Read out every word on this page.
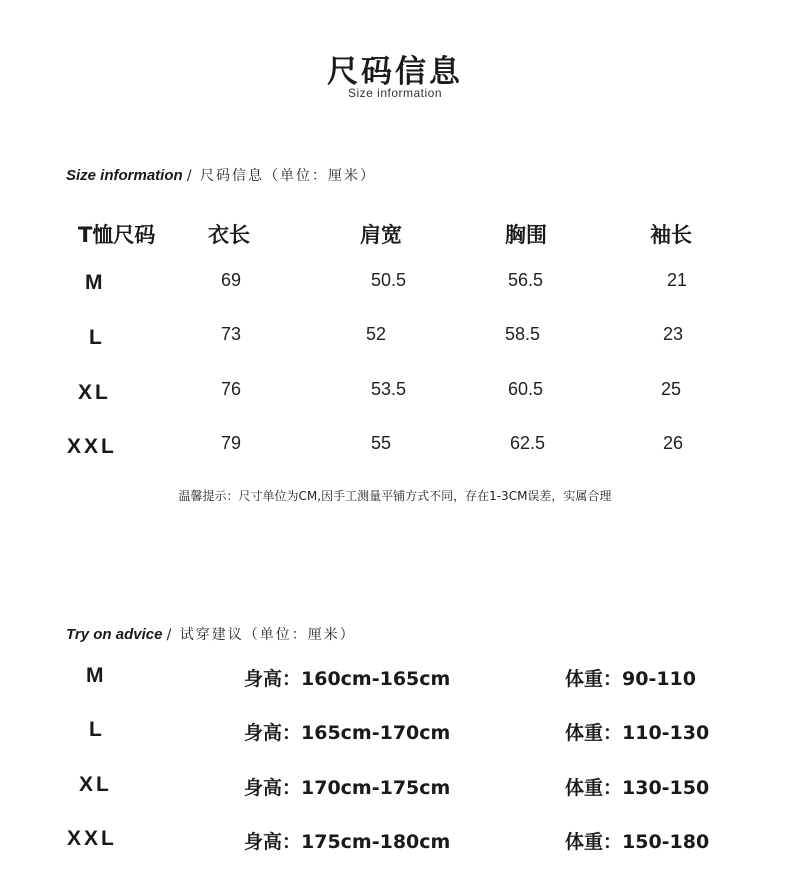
尺码信息
Size information
Size information / 尺码信息（单位：厘米）
T恤尺码	衣长	肩宽	胸围	袖长
M	69	50.5	56.5	21
L	73	52	58.5	23
XL	76	53.5	60.5	25
XXL	79	55	62.5	26
温馨提示：尺寸单位为CM,因手工测量平铺方式不同，存在1-3CM误差，实属合理
Try on advice / 试穿建议（单位：厘米）
M	身高：160cm-165cm	体重：90-110
L	身高：165cm-170cm	体重：110-130
XL	身高：170cm-175cm	体重：130-150
XXL	身高：175cm-180cm	体重：150-180
